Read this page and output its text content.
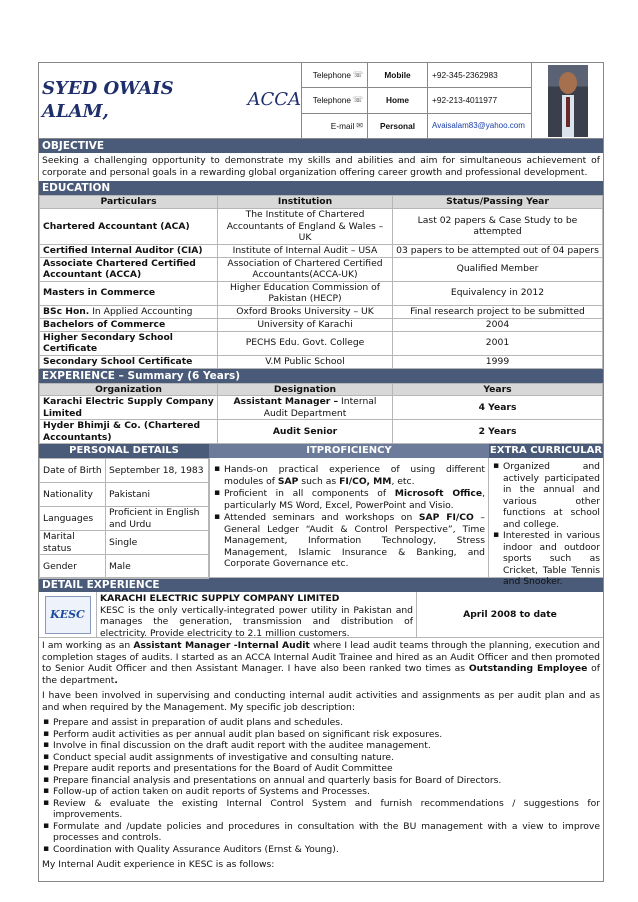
SYED OWAIS ALAM,

ACCA
Telephone ☏	Mobile	+92-345-2362983
Telephone ☏	Home	+92-213-4011977
E-mail ✉	Personal	Avaisalam83@yahoo.com
OBJECTIVE
Seeking a challenging opportunity to demonstrate my skills and abilities and aim for simultaneous achievement of corporate and personal goals in a rewarding global organization offering career growth and professional development.
EDUCATION
Particulars	Institution	Status/Passing Year
Chartered Accountant (ACA)	The Institute of Chartered Accountants of England & Wales – UK	Last 02 papers & Case Study to be attempted
Certified Internal Auditor (CIA)	Institute of Internal Audit – USA	03 papers to be attempted out of 04 papers
Associate Chartered Certified Accountant (ACCA)	Association of Chartered Certified Accountants(ACCA-UK)	Qualified Member
Masters in Commerce	Higher Education Commission of Pakistan (HECP)	Equivalency in 2012
BSc Hon. In Applied Accounting	Oxford Brooks University – UK	Final research project to be submitted
Bachelors of Commerce	University of Karachi	2004
Higher Secondary School Certificate	PECHS Edu. Govt. College	2001
Secondary School Certificate	V.M Public School	1999
EXPERIENCE – Summary (6 Years)
Organization	Designation	Years
Karachi Electric Supply Company Limited	Assistant Manager – Internal Audit Department	4 Years
Hyder Bhimji & Co. (Chartered Accountants)	Audit Senior	2 Years
PERSONAL DETAILS	ITPROFICIENCY	EXTRA CURRICULAR
Date of Birth	September 18, 1983
Nationality	Pakistani
Languages	Proficient in English and Urdu
Marital status	Single
Gender	Male
▪ Hands-on practical experience of using different modules of SAP such as FI/CO, MM, etc.
▪ Proficient in all components of Microsoft Office, particularly MS Word, Excel, PowerPoint and Visio.
▪ Attended seminars and workshops on SAP FI/CO – General Ledger “Audit & Control Perspective”, Time Management, Information Technology, Stress Management, Islamic Insurance & Banking, and Corporate Governance etc.
▪ Organized and actively participated in the annual and various other functions at school and college.
▪ Interested in various indoor and outdoor sports such as Cricket, Table Tennis and Snooker.
DETAIL EXPERIENCE
KESC
KARACHI ELECTRIC SUPPLY COMPANY LIMITED
KESC is the only vertically-integrated power utility in Pakistan and manages the generation, transmission and distribution of electricity. Provide electricity to 2.1 million customers.
April 2008 to date

I am working as an Assistant Manager -Internal Audit where I lead audit teams through the planning, execution and completion stages of audits. I started as an ACCA Internal Audit Trainee and hired as an Audit Officer and then promoted to Senior Audit Officer and then Assistant Manager. I have also been ranked two times as Outstanding Employee of the department.

I have been involved in supervising and conducting internal audit activities and assignments as per audit plan and as and when required by the Management. My specific job description:

▪ Prepare and assist in preparation of audit plans and schedules.
▪ Perform audit activities as per annual audit plan based on significant risk exposures.
▪ Involve in final discussion on the draft audit report with the auditee management.
▪ Conduct special audit assignments of investigative and consulting nature.
▪ Prepare audit reports and presentations for the Board of Audit Committee
▪ Prepare financial analysis and presentations on annual and quarterly basis for Board of Directors.
▪ Follow-up of action taken on audit reports of Systems and Processes.
▪ Review & evaluate the existing Internal Control System and furnish recommendations / suggestions for improvements.
▪ Formulate and /update policies and procedures in consultation with the BU management with a view to improve processes and controls.
▪ Coordination with Quality Assurance Auditors (Ernst & Young).

My Internal Audit experience in KESC is as follows:
